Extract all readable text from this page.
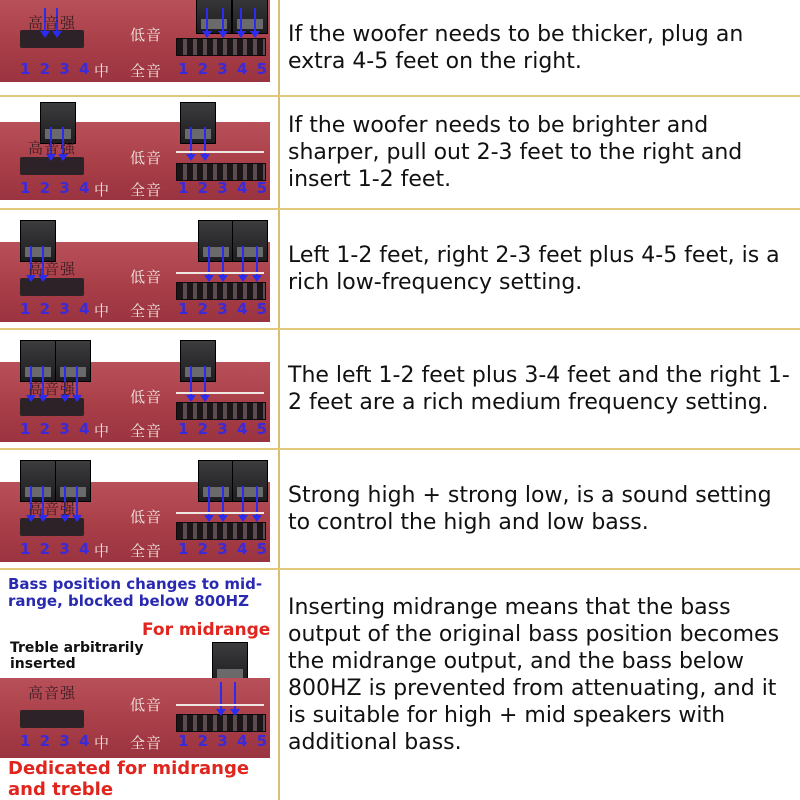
高音强
低音
1 2 3 4 中 全音 1 2 3 4 5
If the woofer needs to be thicker, plug an extra 4-5 feet on the right.
高音强
低音
1 2 3 4 中 全音 1 2 3 4 5
If the woofer needs to be brighter and sharper, pull out 2-3 feet to the right and insert 1-2 feet.
高音强	低音
1 2 3 4 中 全音 1 2 3 4 5
Left 1-2 feet, right 2-3 feet plus 4-5 feet, is a rich low-frequency setting.
高音强	低音
1 2 3 4 中 全音 1 2 3 4 5
The left 1-2 feet plus 3-4 feet and the right 1-2 feet are a rich medium frequency setting.
高音强	低音
1 2 3 4 中 全音 1 2 3 4 5
Strong high + strong low, is a sound setting to control the high and low bass.
Bass position changes to mid-range, blocked below 800HZ
For midrange
Treble arbitrarily inserted
高音强
低音
1 2 3 4 中 全音 1 2 3 4 5
Dedicated for midrange and treble
Inserting midrange means that the bass output of the original bass position becomes the midrange output, and the bass below 800HZ is prevented from attenuating, and it is suitable for high + mid speakers with additional bass.
